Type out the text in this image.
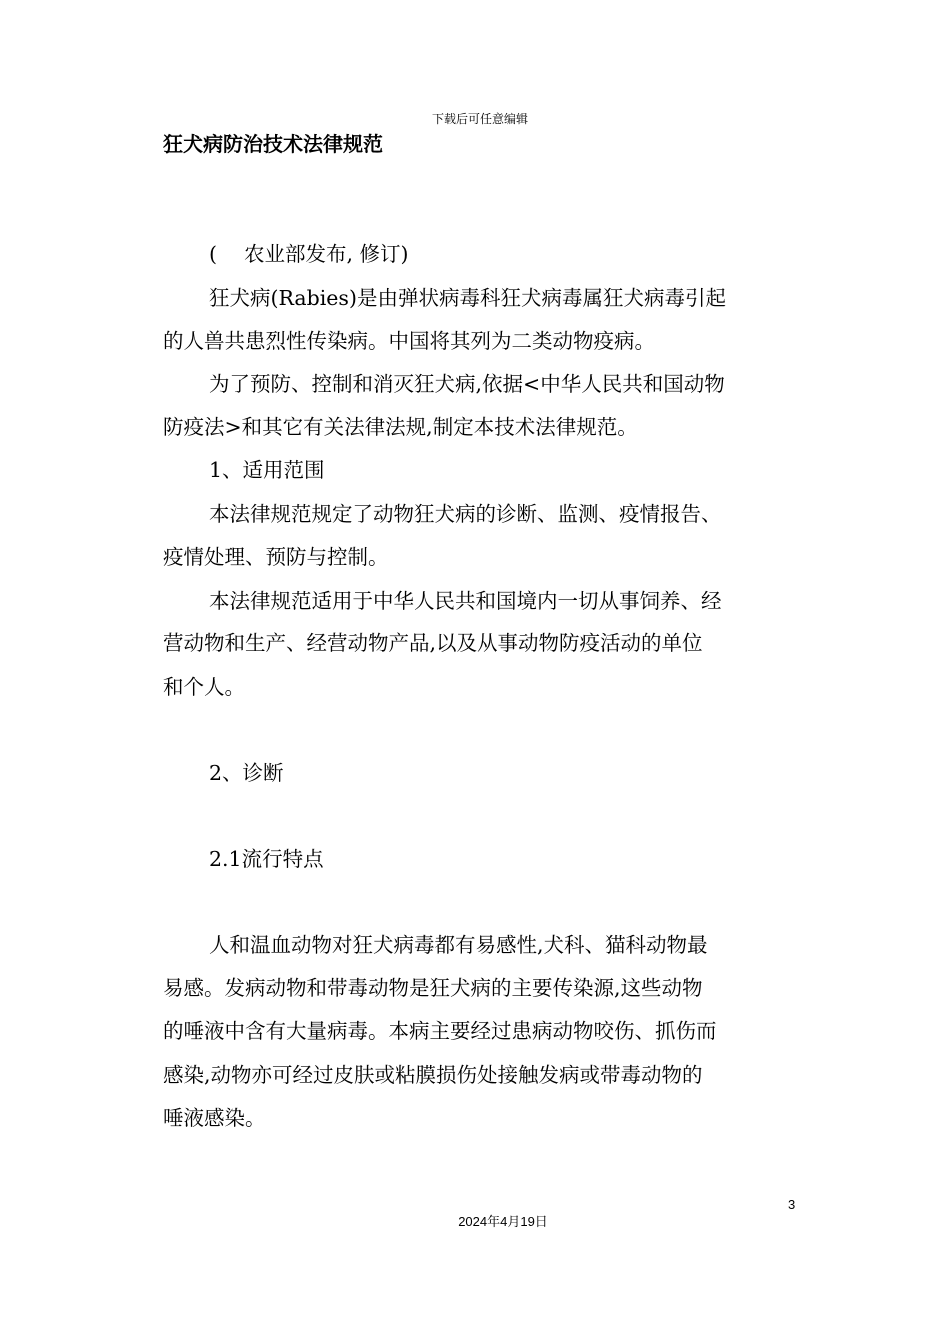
下载后可任意编辑
狂犬病防治技术法律规范
(　 农业部发布, 修订)
狂犬病(Rabies)是由弹状病毒科狂犬病毒属狂犬病毒引起
的人兽共患烈性传染病。中国将其列为二类动物疫病。
为了预防、控制和消灭狂犬病,依据<中华人民共和国动物
防疫法>和其它有关法律法规,制定本技术法律规范。
1、适用范围
本法律规范规定了动物狂犬病的诊断、监测、疫情报告、
疫情处理、预防与控制。
本法律规范适用于中华人民共和国境内一切从事饲养、经
营动物和生产、经营动物产品,以及从事动物防疫活动的单位
和个人。
2、诊断
2.1流行特点
人和温血动物对狂犬病毒都有易感性,犬科、猫科动物最
易感。发病动物和带毒动物是狂犬病的主要传染源,这些动物
的唾液中含有大量病毒。本病主要经过患病动物咬伤、抓伤而
感染,动物亦可经过皮肤或粘膜损伤处接触发病或带毒动物的
唾液感染。
3
2024年4月19日
